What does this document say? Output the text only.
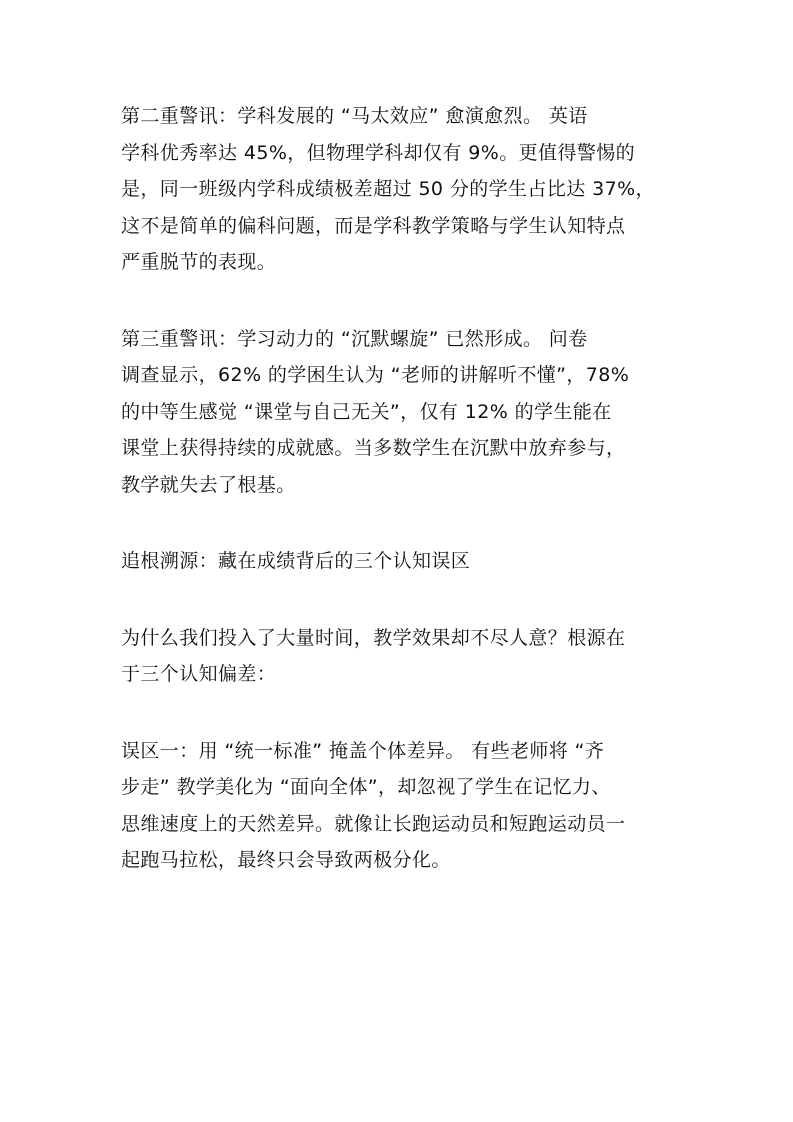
第二重警讯：学科发展的 “马太效应” 愈演愈烈。 英语
学科优秀率达 45%，但物理学科却仅有 9%。更值得警惕的
是，同一班级内学科成绩极差超过 50 分的学生占比达 37%，
这不是简单的偏科问题，而是学科教学策略与学生认知特点
严重脱节的表现。

第三重警讯：学习动力的 “沉默螺旋” 已然形成。 问卷
调查显示，62% 的学困生认为 “老师的讲解听不懂”，78%
的中等生感觉 “课堂与自己无关”，仅有 12% 的学生能在
课堂上获得持续的成就感。当多数学生在沉默中放弃参与，
教学就失去了根基。

追根溯源：藏在成绩背后的三个认知误区

为什么我们投入了大量时间，教学效果却不尽人意？根源在
于三个认知偏差：

误区一：用 “统一标准” 掩盖个体差异。 有些老师将 “齐
步走” 教学美化为 “面向全体”，却忽视了学生在记忆力、
思维速度上的天然差异。就像让长跑运动员和短跑运动员一
起跑马拉松，最终只会导致两极分化。
